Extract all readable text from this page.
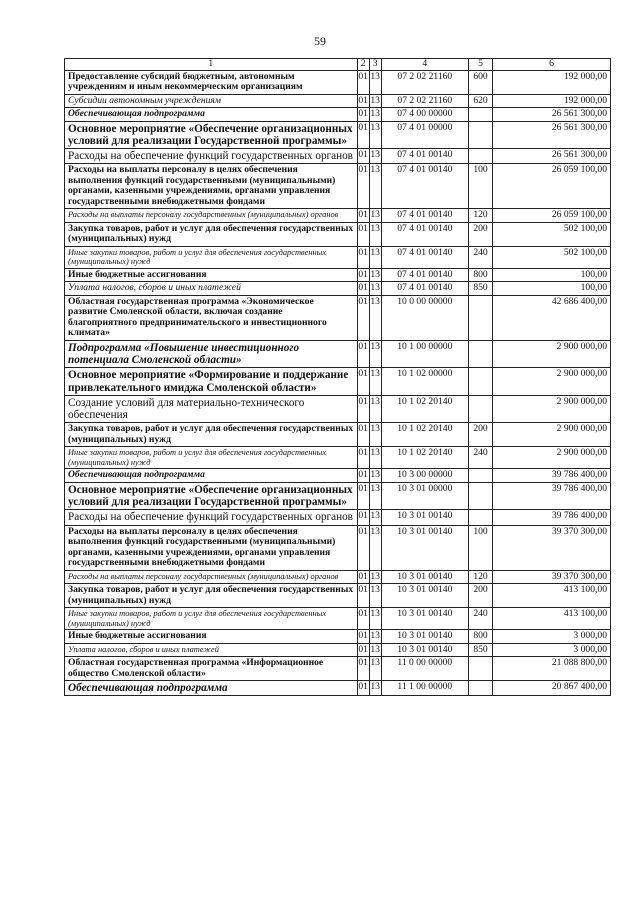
59
1	2	3	4	5	6
Предоставление субсидий бюджетным, автономным учреждениям и иным некоммерческим организациям	01	13	07 2 02 21160	600	192 000,00
Субсидии автономным учреждениям	01	13	07 2 02 21160	620	192 000,00
Обеспечивающая подпрограмма	01	13	07 4 00 00000		26 561 300,00
Основное мероприятие «Обеспечение организационных условий для реализации Государственной программы»	01	13	07 4 01 00000		26 561 300,00
Расходы на обеспечение функций государственных органов	01	13	07 4 01 00140		26 561 300,00
Расходы на выплаты персоналу в целях обеспечения выполнения функций государственными (муниципальными) органами, казенными учреждениями, органами управления государственными внебюджетными фондами	01	13	07 4 01 00140	100	26 059 100,00
Расходы на выплаты персоналу государственных (муниципальных) органов	01	13	07 4 01 00140	120	26 059 100,00
Закупка товаров, работ и услуг для обеспечения государственных (муниципальных) нужд	01	13	07 4 01 00140	200	502 100,00
Иные закупки товаров, работ и услуг для обеспечения государственных (муниципальных) нужд	01	13	07 4 01 00140	240	502 100,00
Иные бюджетные ассигнования	01	13	07 4 01 00140	800	100,00
Уплата налогов, сборов и иных платежей	01	13	07 4 01 00140	850	100,00
Областная государственная программа «Экономическое развитие Смоленской области, включая создание благоприятного предпринимательского и инвестиционного климата»	01	13	10 0 00 00000		42 686 400,00
Подпрограмма «Повышение инвестиционного потенциала Смоленской области»	01	13	10 1 00 00000		2 900 000,00
Основное мероприятие «Формирование и поддержание привлекательного имиджа Смоленской области»	01	13	10 1 02 00000		2 900 000,00
Создание условий для материально-технического обеспечения	01	13	10 1 02 20140		2 900 000,00
Закупка товаров, работ и услуг для обеспечения государственных (муниципальных) нужд	01	13	10 1 02 20140	200	2 900 000,00
Иные закупки товаров, работ и услуг для обеспечения государственных (муниципальных) нужд	01	13	10 1 02 20140	240	2 900 000,00
Обеспечивающая подпрограмма	01	13	10 3 00 00000		39 786 400,00
Основное мероприятие «Обеспечение организационных условий для реализации Государственной программы»	01	13	10 3 01 00000		39 786 400,00
Расходы на обеспечение функций государственных органов	01	13	10 3 01 00140		39 786 400,00
Расходы на выплаты персоналу в целях обеспечения выполнения функций государственными (муниципальными) органами, казенными учреждениями, органами управления государственными внебюджетными фондами	01	13	10 3 01 00140	100	39 370 300,00
Расходы на выплаты персоналу государственных (муниципальных) органов	01	13	10 3 01 00140	120	39 370 300,00
Закупка товаров, работ и услуг для обеспечения государственных (муниципальных) нужд	01	13	10 3 01 00140	200	413 100,00
Иные закупки товаров, работ и услуг для обеспечения государственных (муниципальных) нужд	01	13	10 3 01 00140	240	413 100,00
Иные бюджетные ассигнования	01	13	10 3 01 00140	800	3 000,00
Уплата налогов, сборов и иных платежей	01	13	10 3 01 00140	850	3 000,00
Областная государственная программа «Информационное общество Смоленской области»	01	13	11 0 00 00000		21 088 800,00
Обеспечивающая подпрограмма	01	13	11 1 00 00000		20 867 400,00
